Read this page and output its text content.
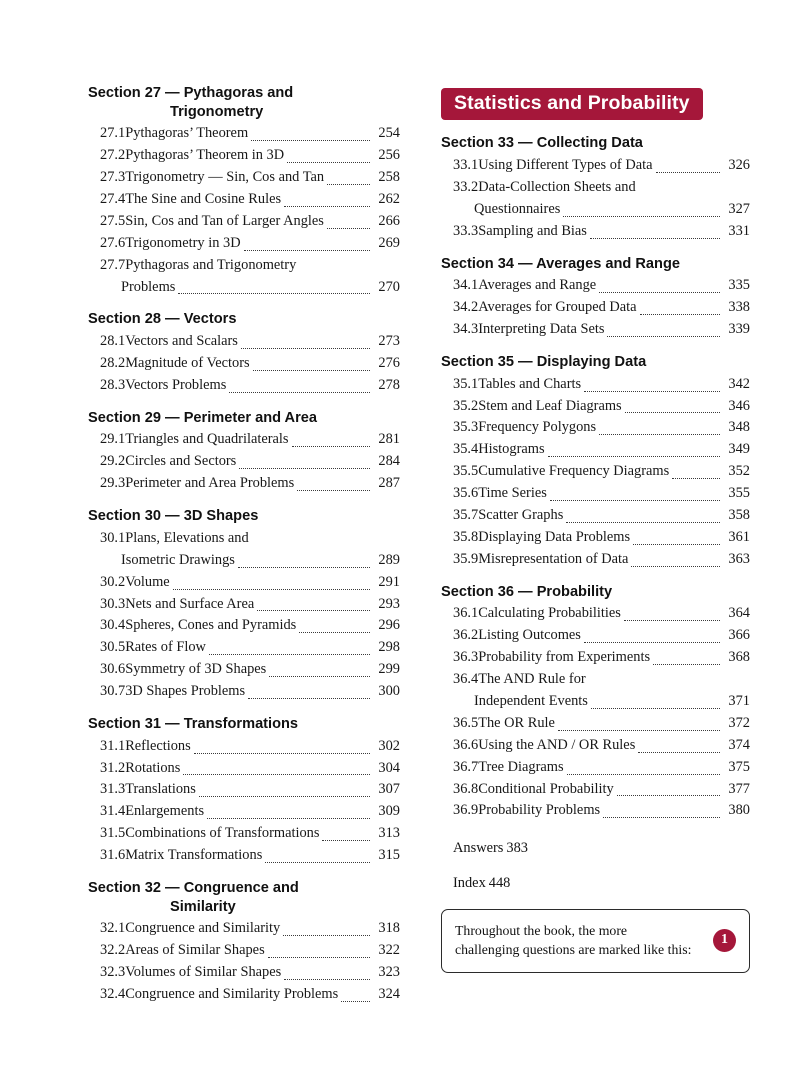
Section 27 — Pythagoras and
Trigonometry
27.1 Pythagoras’ Theorem	254
27.2 Pythagoras’ Theorem in 3D	256
27.3 Trigonometry — Sin, Cos and Tan	258
27.4 The Sine and Cosine Rules	262
27.5 Sin, Cos and Tan of Larger Angles	266
27.6 Trigonometry in 3D	269
27.7 Pythagoras and Trigonometry
Problems	270
Section 28 — Vectors
28.1 Vectors and Scalars	273
28.2 Magnitude of Vectors	276
28.3 Vectors Problems	278
Section 29 — Perimeter and Area
29.1 Triangles and Quadrilaterals	281
29.2 Circles and Sectors	284
29.3 Perimeter and Area Problems	287
Section 30 — 3D Shapes
30.1 Plans, Elevations and
Isometric Drawings	289
30.2 Volume	291
30.3 Nets and Surface Area	293
30.4 Spheres, Cones and Pyramids	296
30.5 Rates of Flow	298
30.6 Symmetry of 3D Shapes	299
30.7 3D Shapes Problems	300
Section 31 — Transformations
31.1 Reflections	302
31.2 Rotations	304
31.3 Translations	307
31.4 Enlargements	309
31.5 Combinations of Transformations	313
31.6 Matrix Transformations	315
Section 32 — Congruence and
Similarity
32.1 Congruence and Similarity	318
32.2 Areas of Similar Shapes	322
32.3 Volumes of Similar Shapes	323
32.4 Congruence and Similarity Problems	324
Statistics and Probability
Section 33 — Collecting Data
33.1 Using Different Types of Data	326
33.2 Data-Collection Sheets and
Questionnaires	327
33.3 Sampling and Bias	331
Section 34 — Averages and Range
34.1 Averages and Range	335
34.2 Averages for Grouped Data	338
34.3 Interpreting Data Sets	339
Section 35 — Displaying Data
35.1 Tables and Charts	342
35.2 Stem and Leaf Diagrams	346
35.3 Frequency Polygons	348
35.4 Histograms	349
35.5 Cumulative Frequency Diagrams	352
35.6 Time Series	355
35.7 Scatter Graphs	358
35.8 Displaying Data Problems	361
35.9 Misrepresentation of Data	363
Section 36 — Probability
36.1 Calculating Probabilities	364
36.2 Listing Outcomes	366
36.3 Probability from Experiments	368
36.4 The AND Rule for
Independent Events	371
36.5 The OR Rule	372
36.6 Using the AND / OR Rules	374
36.7 Tree Diagrams	375
36.8 Conditional Probability	377
36.9 Probability Problems	380
Answers 383
Index 448
Throughout the book, the more
challenging questions are marked like this:
1
